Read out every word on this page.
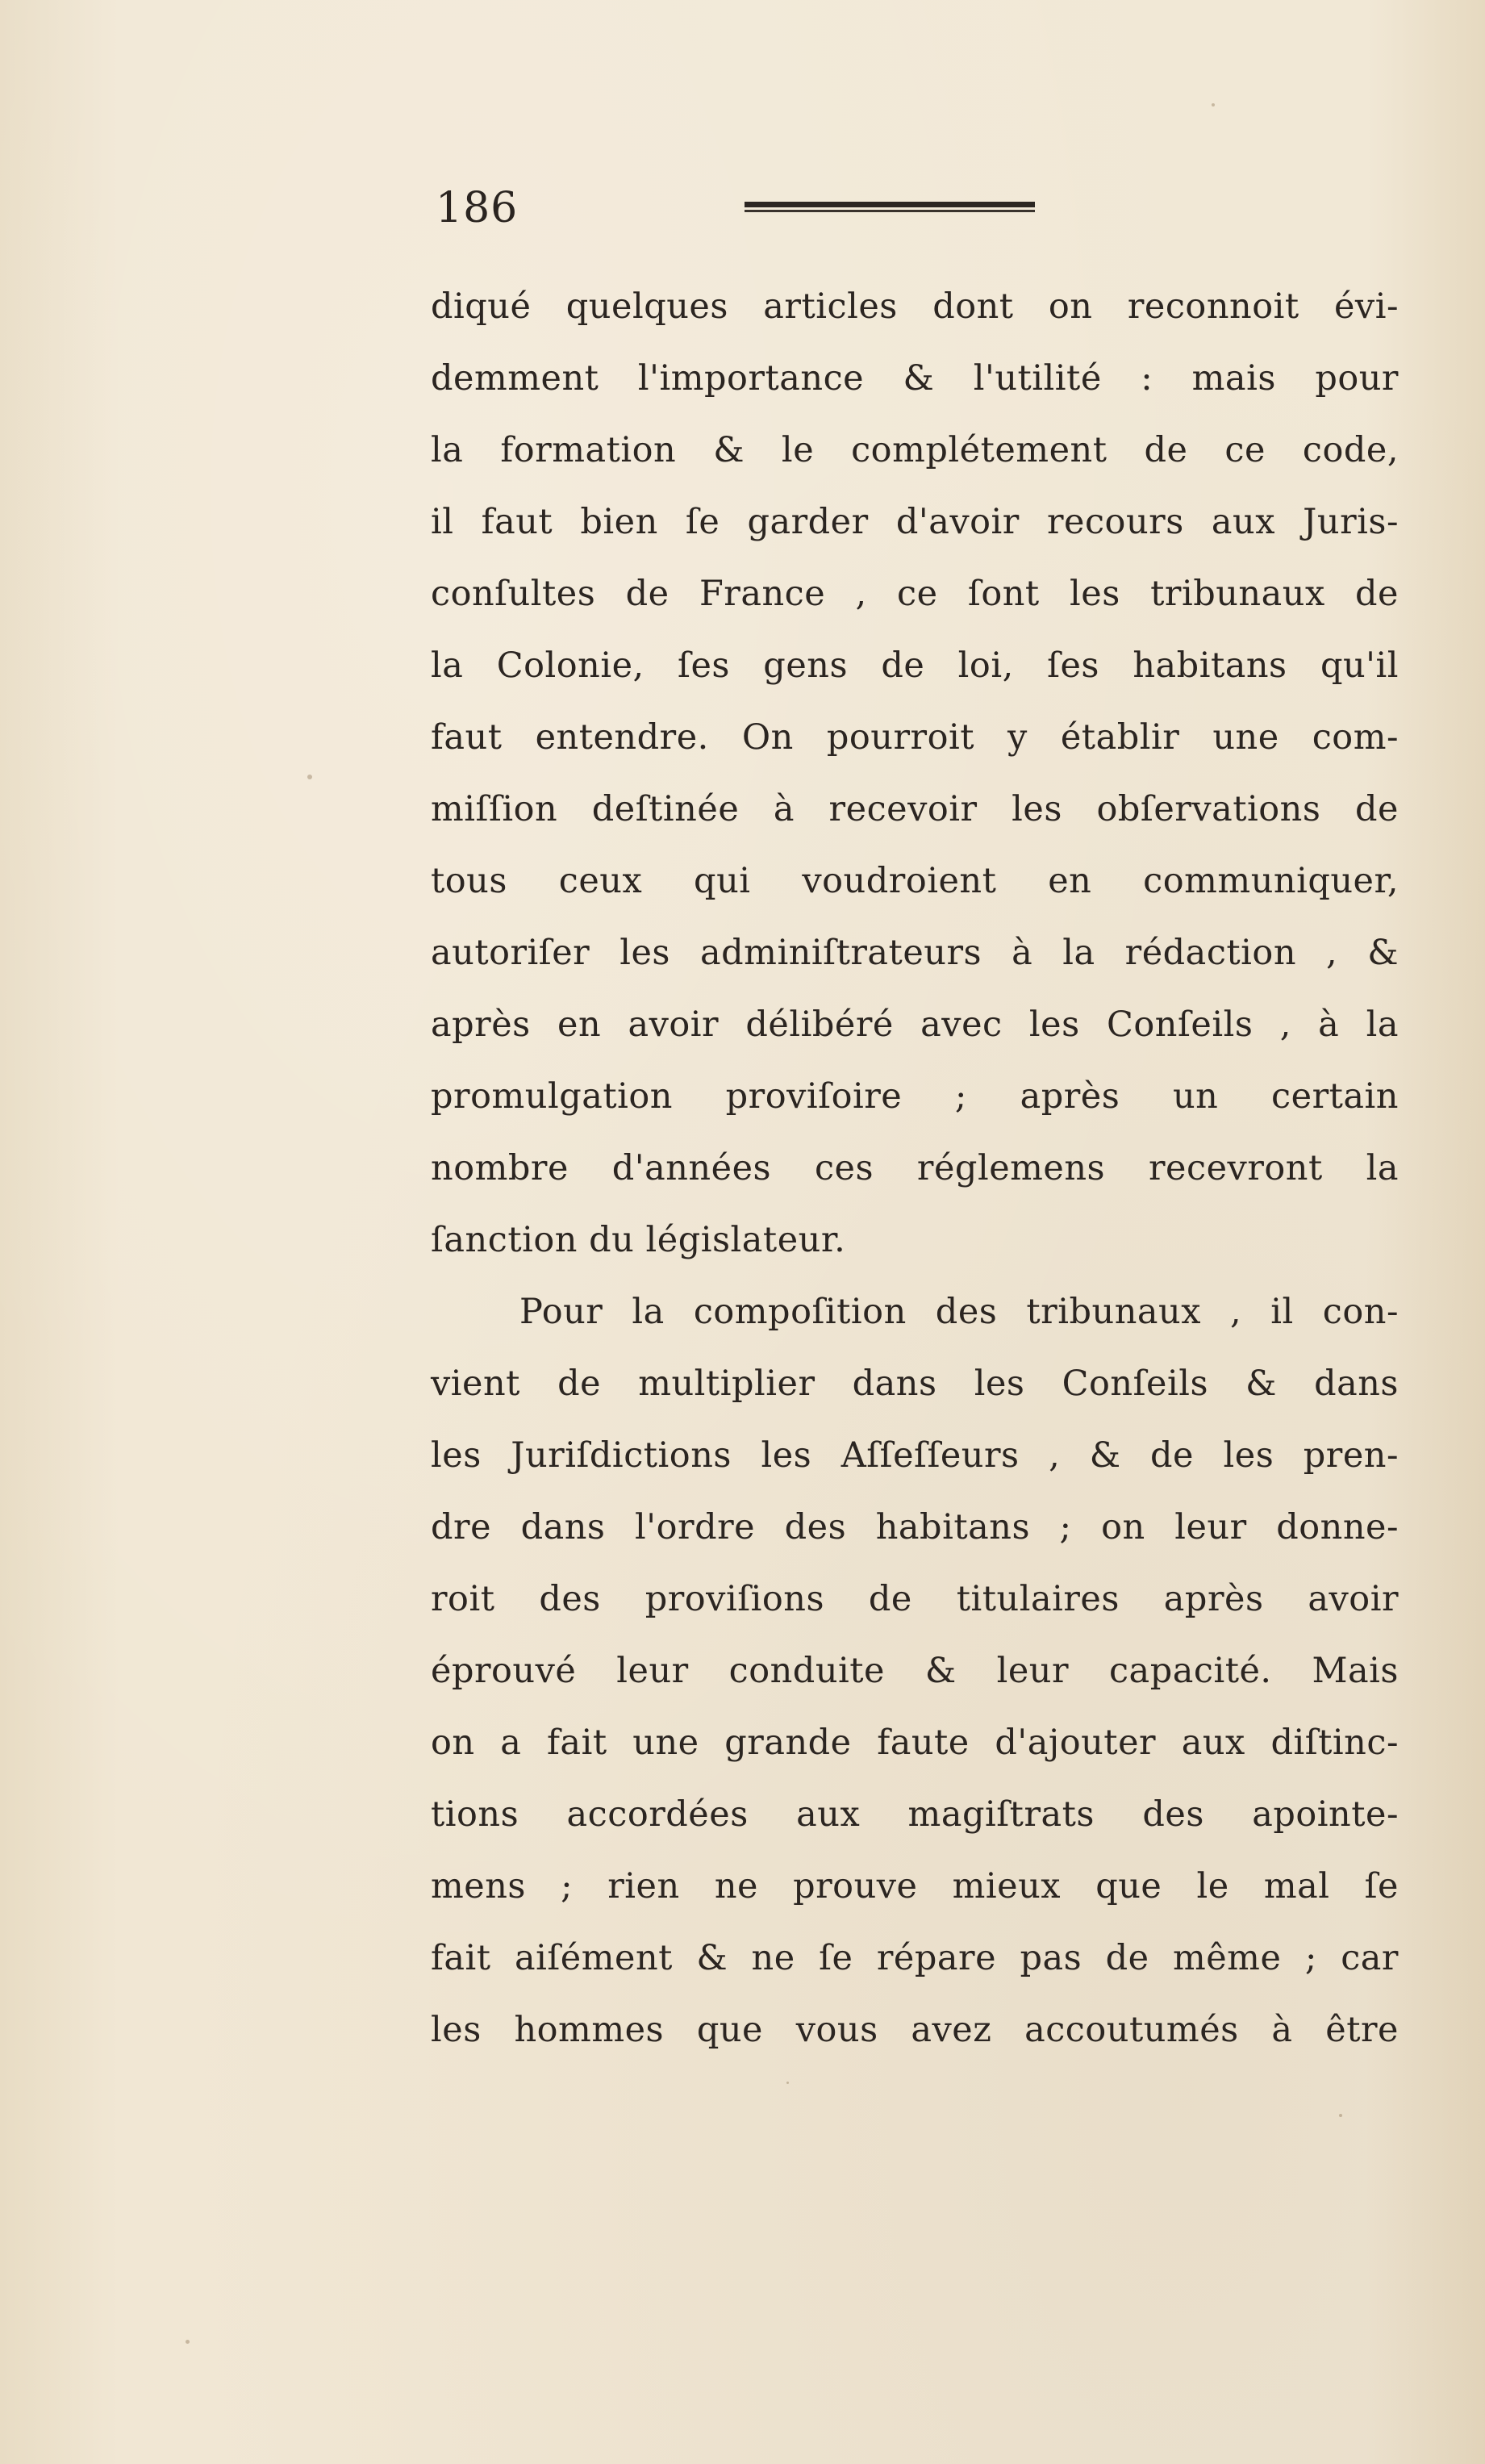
186
diqué quelques articles dont on reconnoit évi-
demment l'importance & l'utilité : mais pour
la formation & le complétement de ce code,
il faut bien ſe garder d'avoir recours aux Juris-
conſultes de France , ce ſont les tribunaux de
la Colonie, ſes gens de loi, ſes habitans qu'il
faut entendre. On pourroit y établir une com-
miſſion deſtinée à recevoir les obſervations de
tous ceux qui voudroient en communiquer,
autoriſer les adminiſtrateurs à la rédaction , &
après en avoir délibéré avec les Conſeils , à la
promulgation proviſoire ; après un certain
nombre d'années ces réglemens recevront la
ſanction du législateur.
Pour la compoſition des tribunaux , il con-
vient de multiplier dans les Conſeils & dans
les Juriſdictions les Aſſeſſeurs , & de les pren-
dre dans l'ordre des habitans ; on leur donne-
roit des proviſions de titulaires après avoir
éprouvé leur conduite & leur capacité. Mais
on a fait une grande faute d'ajouter aux diſtinc-
tions accordées aux magiſtrats des apointe-
mens ; rien ne prouve mieux que le mal ſe
fait aiſément & ne ſe répare pas de même ; car
les hommes que vous avez accoutumés à être
